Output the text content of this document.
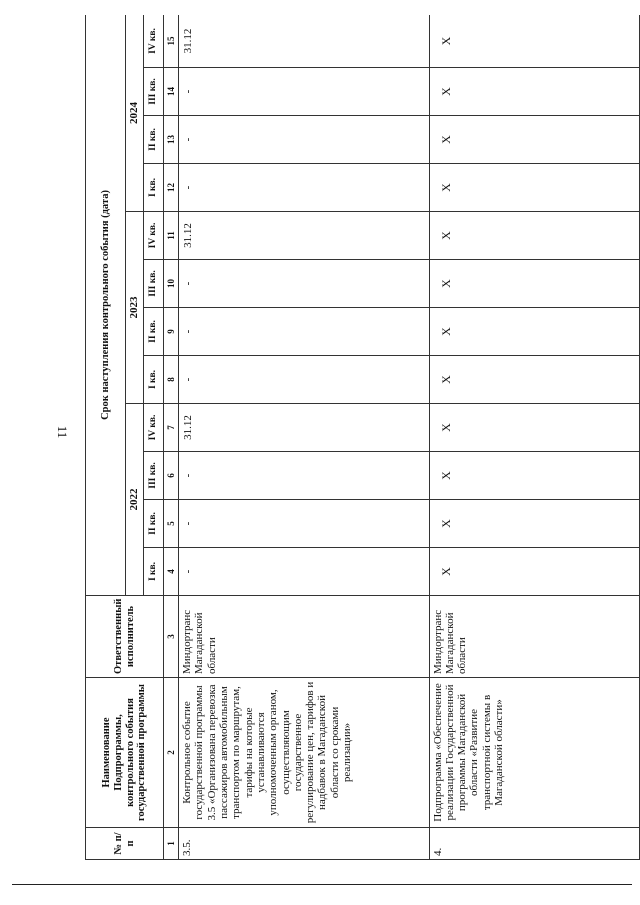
11
№ п/п	Наименование Подпрограммы, контрольного события государственной программы	Ответственный исполнитель	Срок наступления контрольного события (дата)											
			2022				2023				2024			
			I кв.	II кв.	III кв.	IV кв.	I кв.	II кв.	III кв.	IV кв.	I кв.	II кв.	III кв.	IV кв.
1	2	3	4	5	6	7	8	9	10	11	12	13	14	15
3.5.	Контрольное событие государственной программы 3.5 «Организована перевозка пассажиров автомобильным транспортом по маршрутам, тарифы на которые устанавливаются уполномоченным органом, осуществляющим государственное регулирование цен, тарифов и надбавок в Магаданской области со сроками реализации»	Миндортранс Магаданской области	-	-	-	31.12	-	-	-	31.12	-	-	-	31.12
4.	Подпрограмма «Обеспечение реализации Государственной программы Магаданской области «Развитие транспортной системы в Магаданской области»	Миндортранс Магаданской области	X	X	X	X	X	X	X	X	X	X	X	X
